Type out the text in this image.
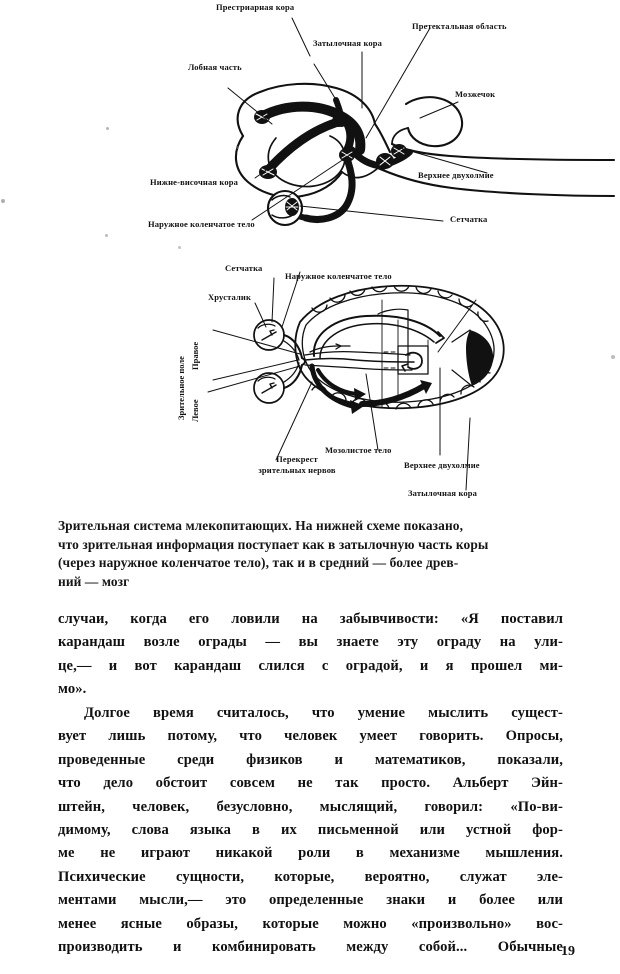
Престриарная кора
Претектальная область
Затылочная кора
Лобная часть
Мозжечок
Нижне-височная кора
Верхнее двухолмие
Наружное коленчатое тело	Сетчатка
Сетчатка
Наружное коленчатое тело
Хрусталик
Зрительное поле
Правое
Левое
Перекрест
зрительных нервов
Мозолистое тело
Верхнее двухолмие
Затылочная кора
Зрительная система млекопитающих. На нижней схеме показано,
что зрительная информация поступает как в затылочную часть коры
(через наружное коленчатое тело), так и в средний — более древ-
ний — мозг
случаи, когда его ловили на забывчивости: «Я поставил
карандаш возле ограды — вы знаете эту ограду на ули-
це,— и вот карандаш слился с оградой, и я прошел ми-
мо».
Долгое время считалось, что умение мыслить сущест-
вует лишь потому, что человек умеет говорить. Опросы,
проведенные среди физиков и математиков, показали,
что дело обстоит совсем не так просто. Альберт Эйн-
штейн, человек, безусловно, мыслящий, говорил: «По-ви-
димому, слова языка в их письменной или устной фор-
ме не играют никакой роли в механизме мышления.
Психические сущности, которые, вероятно, служат эле-
ментами мысли,— это определенные знаки и более или
менее ясные образы, которые можно «произвольно» вос-
производить и комбинировать между собой... Обычные
19
